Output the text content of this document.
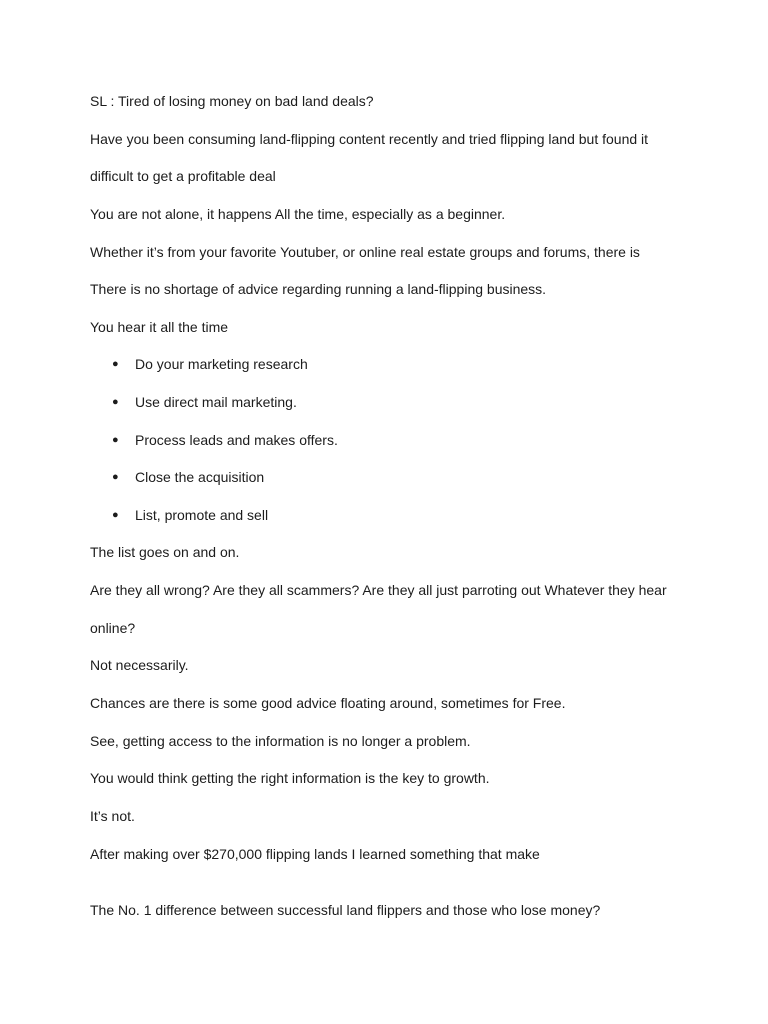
SL : Tired of losing money on bad land deals?

Have you been consuming land-flipping content recently and tried flipping land but found it

difficult to get a profitable deal

You are not alone, it happens All the time, especially as a beginner.

Whether it’s from your favorite Youtuber, or online real estate groups and forums, there is

There is no shortage of advice regarding running a land-flipping business.

You hear it all the time

● Do your marketing research

● Use direct mail marketing.

● Process leads and makes offers.

● Close the acquisition

● List, promote and sell

The list goes on and on.

Are they all wrong? Are they all scammers? Are they all just parroting out Whatever they hear

online?

Not necessarily.

Chances are there is some good advice floating around, sometimes for Free.

See, getting access to the information is no longer a problem.

You would think getting the right information is the key to growth.

It’s not.

After making over $270,000 flipping lands I learned something that make

The No. 1 difference between successful land flippers and those who lose money?
